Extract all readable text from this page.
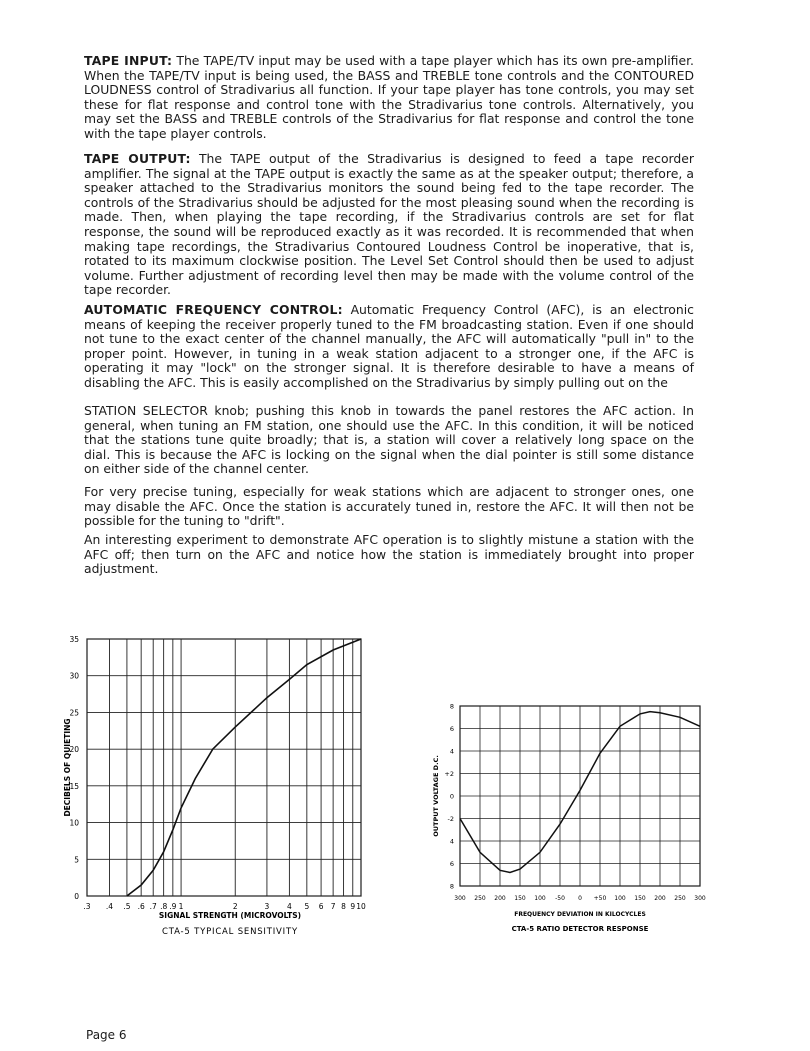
TAPE INPUT: The TAPE/TV input may be used with a tape player which has its own pre-amplifier. When the TAPE/TV input is being used, the BASS and TREBLE tone controls and the CONTOURED LOUDNESS control of Stradivarius all function. If your tape player has tone controls, you may set these for flat response and control tone with the Stradivarius tone controls. Alternatively, you may set the BASS and TREBLE controls of the Stradivarius for flat response and control the tone with the tape player controls.

TAPE OUTPUT: The TAPE output of the Stradivarius is designed to feed a tape recorder amplifier. The signal at the TAPE output is exactly the same as at the speaker output; therefore, a speaker attached to the Stradivarius monitors the sound being fed to the tape recorder. The controls of the Stradivarius should be adjusted for the most pleasing sound when the recording is made. Then, when playing the tape recording, if the Stradivarius controls are set for flat response, the sound will be reproduced exactly as it was recorded. It is recommended that when making tape recordings, the Stradivarius Contoured Loudness Control be inoperative, that is, rotated to its maximum clockwise position. The Level Set Control should then be used to adjust volume. Further adjustment of recording level then may be made with the volume control of the tape recorder.

AUTOMATIC FREQUENCY CONTROL: Automatic Frequency Control (AFC), is an electronic means of keeping the receiver properly tuned to the FM broadcasting station. Even if one should not tune to the exact center of the channel manually, the AFC will automatically "pull in" to the proper point. However, in tuning in a weak station adjacent to a stronger one, if the AFC is operating it may "lock" on the stronger signal. It is therefore desirable to have a means of disabling the AFC. This is easily accomplished on the Stradivarius by simply pulling out on the

STATION SELECTOR knob; pushing this knob in towards the panel restores the AFC action. In general, when tuning an FM station, one should use the AFC. In this condition, it will be noticed that the stations tune quite broadly; that is, a station will cover a relatively long space on the dial. This is because the AFC is locking on the signal when the dial pointer is still some distance on either side of the channel center.

For very precise tuning, especially for weak stations which are adjacent to stronger ones, one may disable the AFC. Once the station is accurately tuned in, restore the AFC. It will then not be possible for the tuning to "drift".

An interesting experiment to demonstrate AFC operation is to slightly mistune a station with the AFC off; then turn on the AFC and notice how the station is immediately brought into proper adjustment.

.3 .4 .5 .6 .7 .8 .9 1	2	3 4 5 6 7 8 9 10
0
5
10
15
20
25
30
35
SIGNAL STRENGTH (MICROVOLTS)
CTA-5 TYPICAL SENSITIVITY
DECIBELS OF QUIETING
300 250 200 150 100 -50 0 +50 100 150 200 250 300
8
6
4
+2
0
-2
4
6
8
FREQUENCY DEVIATION IN KILOCYCLES
CTA-5 RATIO DETECTOR RESPONSE
OUTPUT VOLTAGE D.C.
Page 6
